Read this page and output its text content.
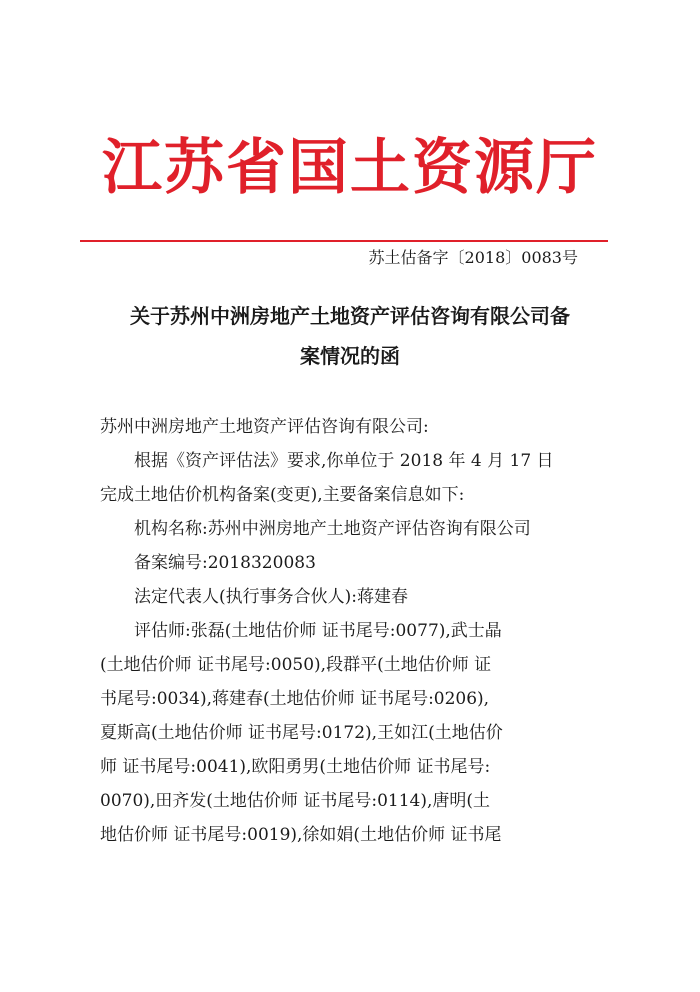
江苏省国土资源厅
苏土估备字〔2018〕0083号
关于苏州中洲房地产土地资产评估咨询有限公司备
案情况的函
苏州中洲房地产土地资产评估咨询有限公司:
根据《资产评估法》要求,你单位于 2018 年 4 月 17 日
完成土地估价机构备案(变更),主要备案信息如下:
机构名称:苏州中洲房地产土地资产评估咨询有限公司
备案编号:2018320083
法定代表人(执行事务合伙人):蒋建春
评估师:张磊(土地估价师 证书尾号:0077),武士晶
(土地估价师 证书尾号:0050),段群平(土地估价师 证
书尾号:0034),蒋建春(土地估价师 证书尾号:0206),
夏斯高(土地估价师 证书尾号:0172),王如江(土地估价
师 证书尾号:0041),欧阳勇男(土地估价师 证书尾号:
0070),田齐发(土地估价师 证书尾号:0114),唐明(土
地估价师 证书尾号:0019),徐如娟(土地估价师 证书尾
